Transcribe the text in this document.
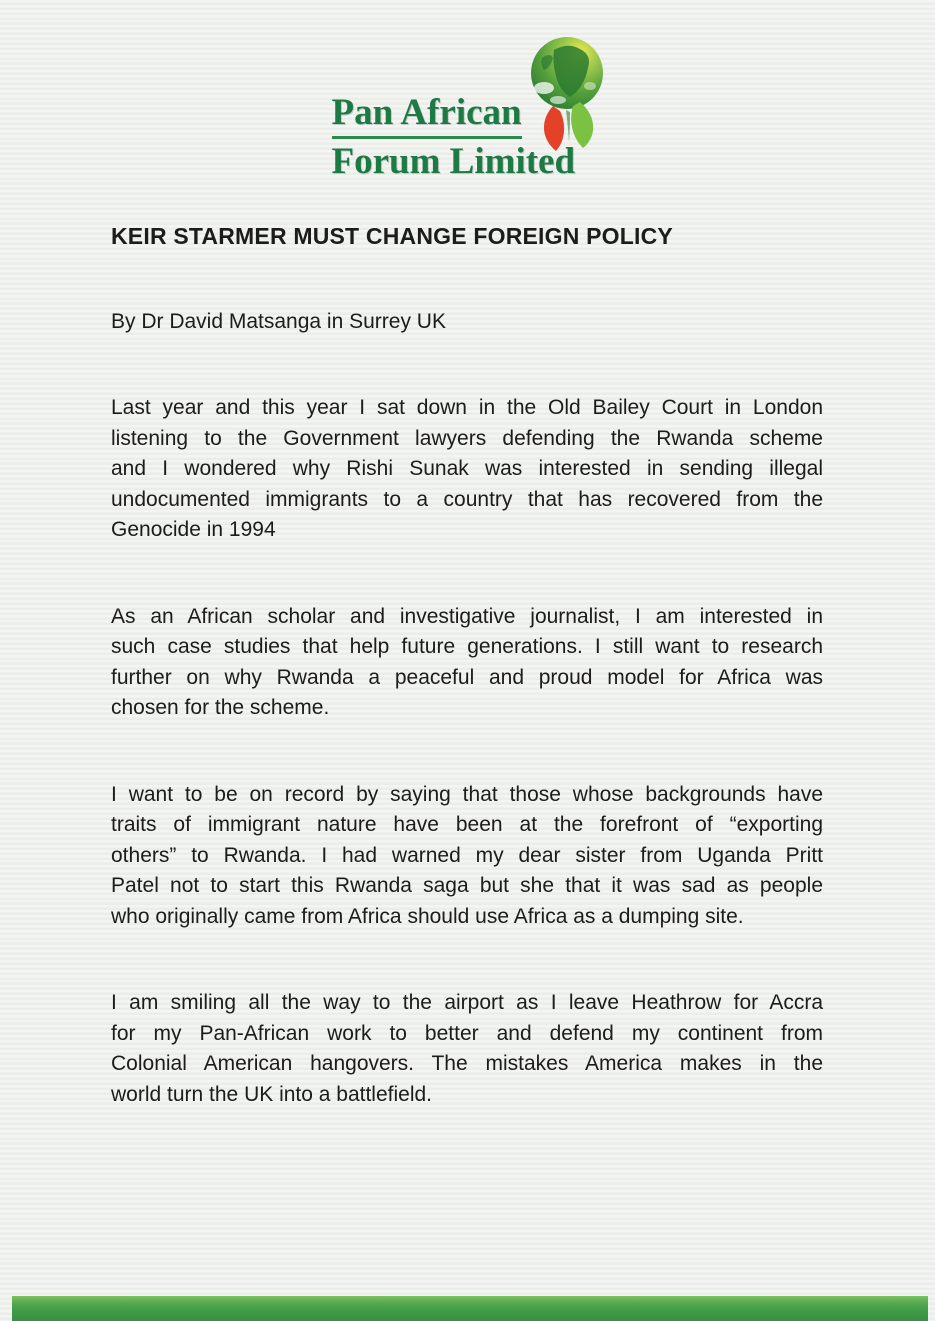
Pan African
Forum Limited
KEIR STARMER MUST CHANGE FOREIGN POLICY

By Dr David Matsanga in Surrey UK

Last year and this year I sat down in the Old Bailey Court in London
listening to the Government lawyers defending the Rwanda scheme
and I wondered why Rishi Sunak was interested in sending illegal
undocumented immigrants to a country that has recovered from the
Genocide in 1994
As an African scholar and investigative journalist, I am interested in
such case studies that help future generations. I still want to research
further on why Rwanda a peaceful and proud model for Africa was
chosen for the scheme.
I want to be on record by saying that those whose backgrounds have
traits of immigrant nature have been at the forefront of “exporting
others” to Rwanda. I had warned my dear sister from Uganda Pritt
Patel not to start this Rwanda saga but she that it was sad as people
who originally came from Africa should use Africa as a dumping site.
I am smiling all the way to the airport as I leave Heathrow for Accra
for my Pan-African work to better and defend my continent from
Colonial American hangovers. The mistakes America makes in the
world turn the UK into a battlefield.
